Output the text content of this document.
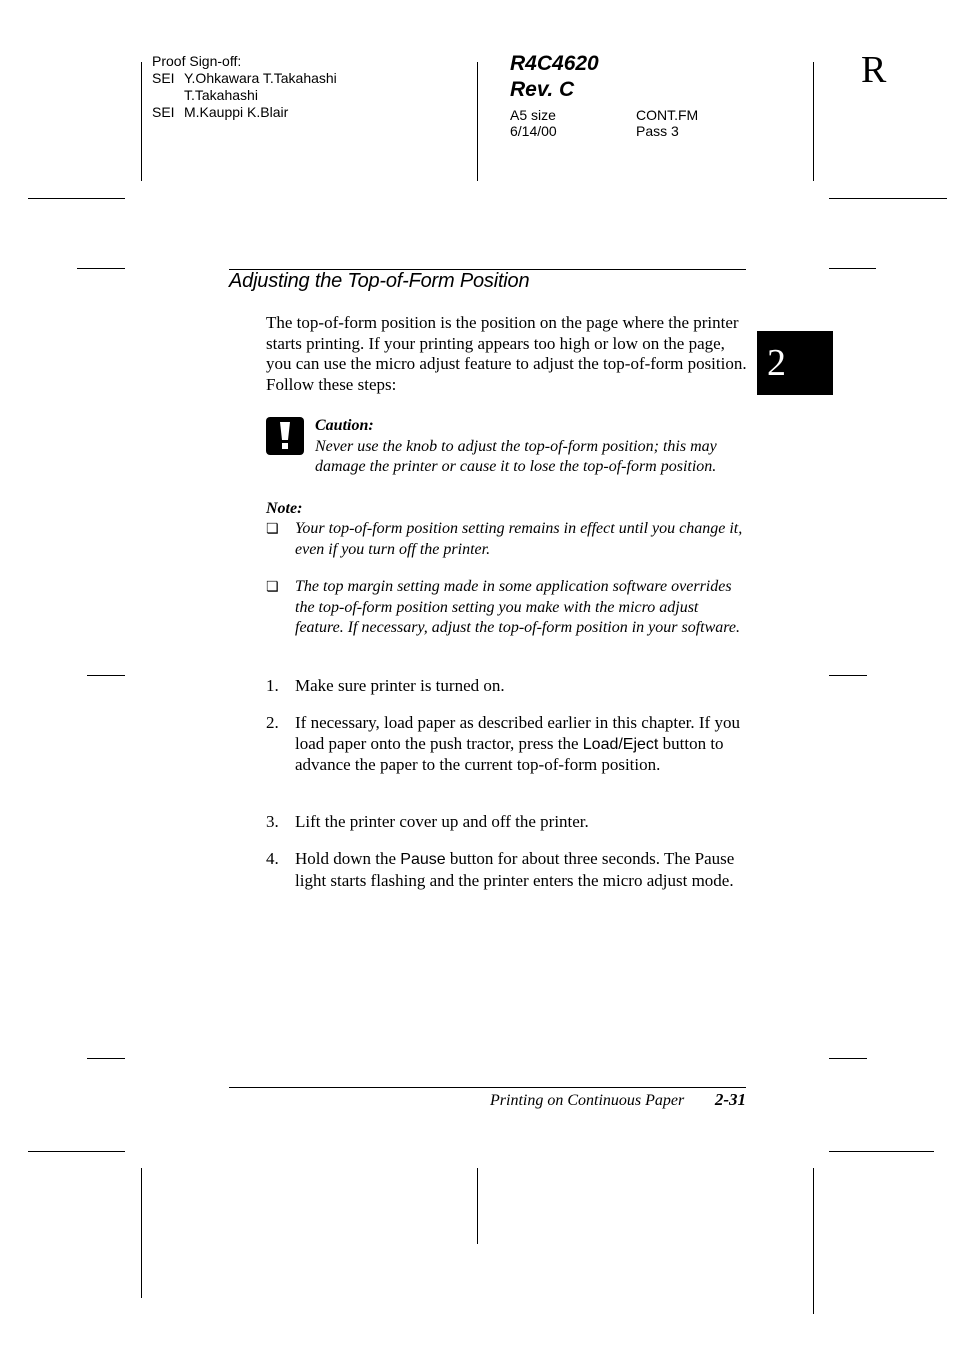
Proof Sign-off:
SEI Y.Ohkawara T.Takahashi
T.Takahashi
SEI M.Kauppi K.Blair
R4C4620
Rev. C
A5 size
6/14/00
CONT.FM
Pass 3
R
2
Adjusting the Top-of-Form Position
The top-of-form position is the position on the page where the printer starts printing. If your printing appears too high or low on the page, you can use the micro adjust feature to adjust the top-of-form position. Follow these steps:
Caution:
Never use the knob to adjust the top-of-form position; this may damage the printer or cause it to lose the top-of-form position.
Note:
❏	Your top-of-form position setting remains in effect until you change it, even if you turn off the printer.
❏	The top margin setting made in some application software overrides the top-of-form position setting you make with the micro adjust feature. If necessary, adjust the top-of-form position in your software.
1. Make sure printer is turned on.
2. If necessary, load paper as described earlier in this chapter. If you load paper onto the push tractor, press the Load/Eject button to advance the paper to the current top-of-form position.
3. Lift the printer cover up and off the printer.
4. Hold down the Pause button for about three seconds. The Pause light starts flashing and the printer enters the micro adjust mode.
Printing on Continuous Paper 2-31
